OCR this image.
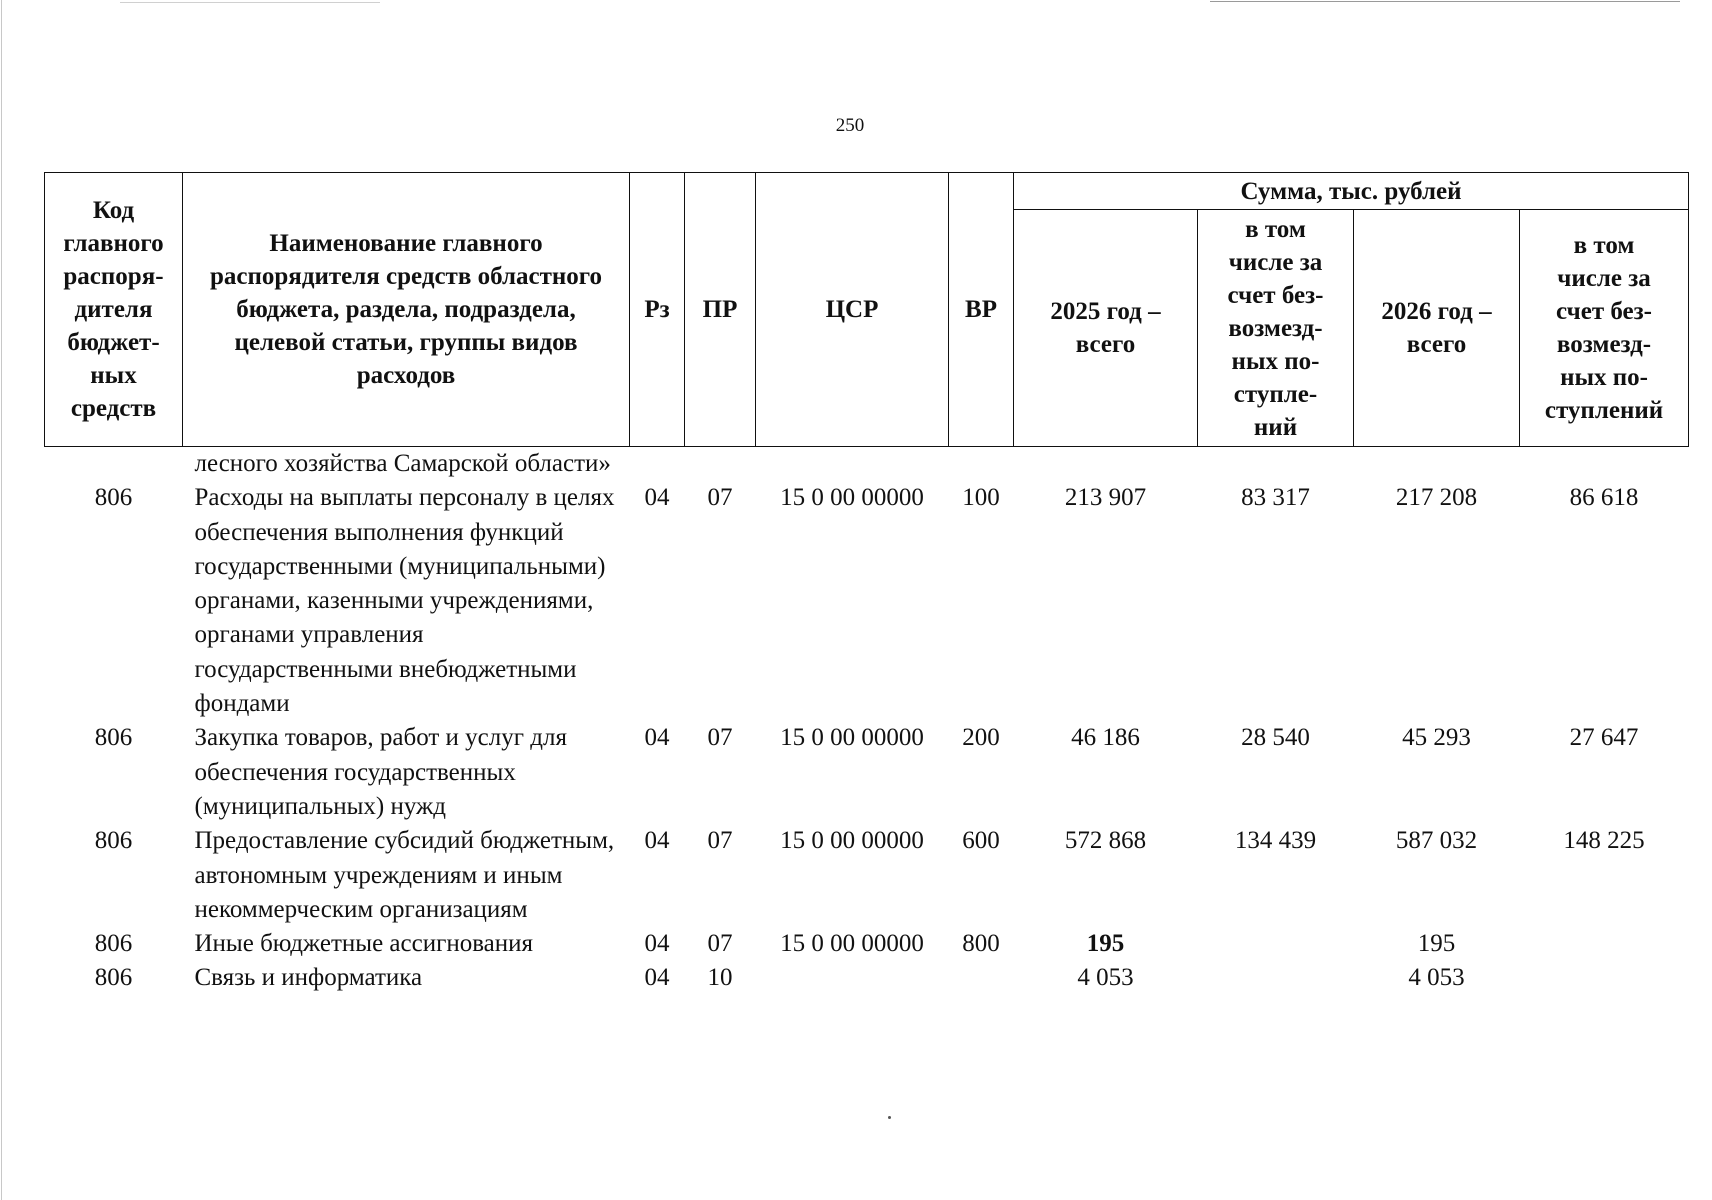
250
Код главного распоря-дителя бюджет-ных средств	Наименование главного распорядителя средств областного бюджета, раздела, подраздела, целевой статьи, группы видов расходов	Рз	ПР	ЦСР	ВР	Сумма, тыс. рублей			
						2025 год – всего	в том числе за счет без-возмезд-ных по-ступле-ний	2026 год – всего	в том числе за счет без-возмезд-ных по-ступлений
	лесного хозяйства Самарской области»								
806	Расходы на выплаты персоналу в целях обеспечения выполнения функций государственными (муниципальными) органами, казенными учреждениями, органами управления государственными внебюджетными фондами	04	07	15 0 00 00000	100	213 907	83 317	217 208	86 618
806	Закупка товаров, работ и услуг для обеспечения государственных (муниципальных) нужд	04	07	15 0 00 00000	200	46 186	28 540	45 293	27 647
806	Предоставление субсидий бюджетным, автономным учреждениям и иным некоммерческим организациям	04	07	15 0 00 00000	600	572 868	134 439	587 032	148 225
806	Иные бюджетные ассигнования	04	07	15 0 00 00000	800	195		195	
806	Связь и информатика	04	10			4 053		4 053	
